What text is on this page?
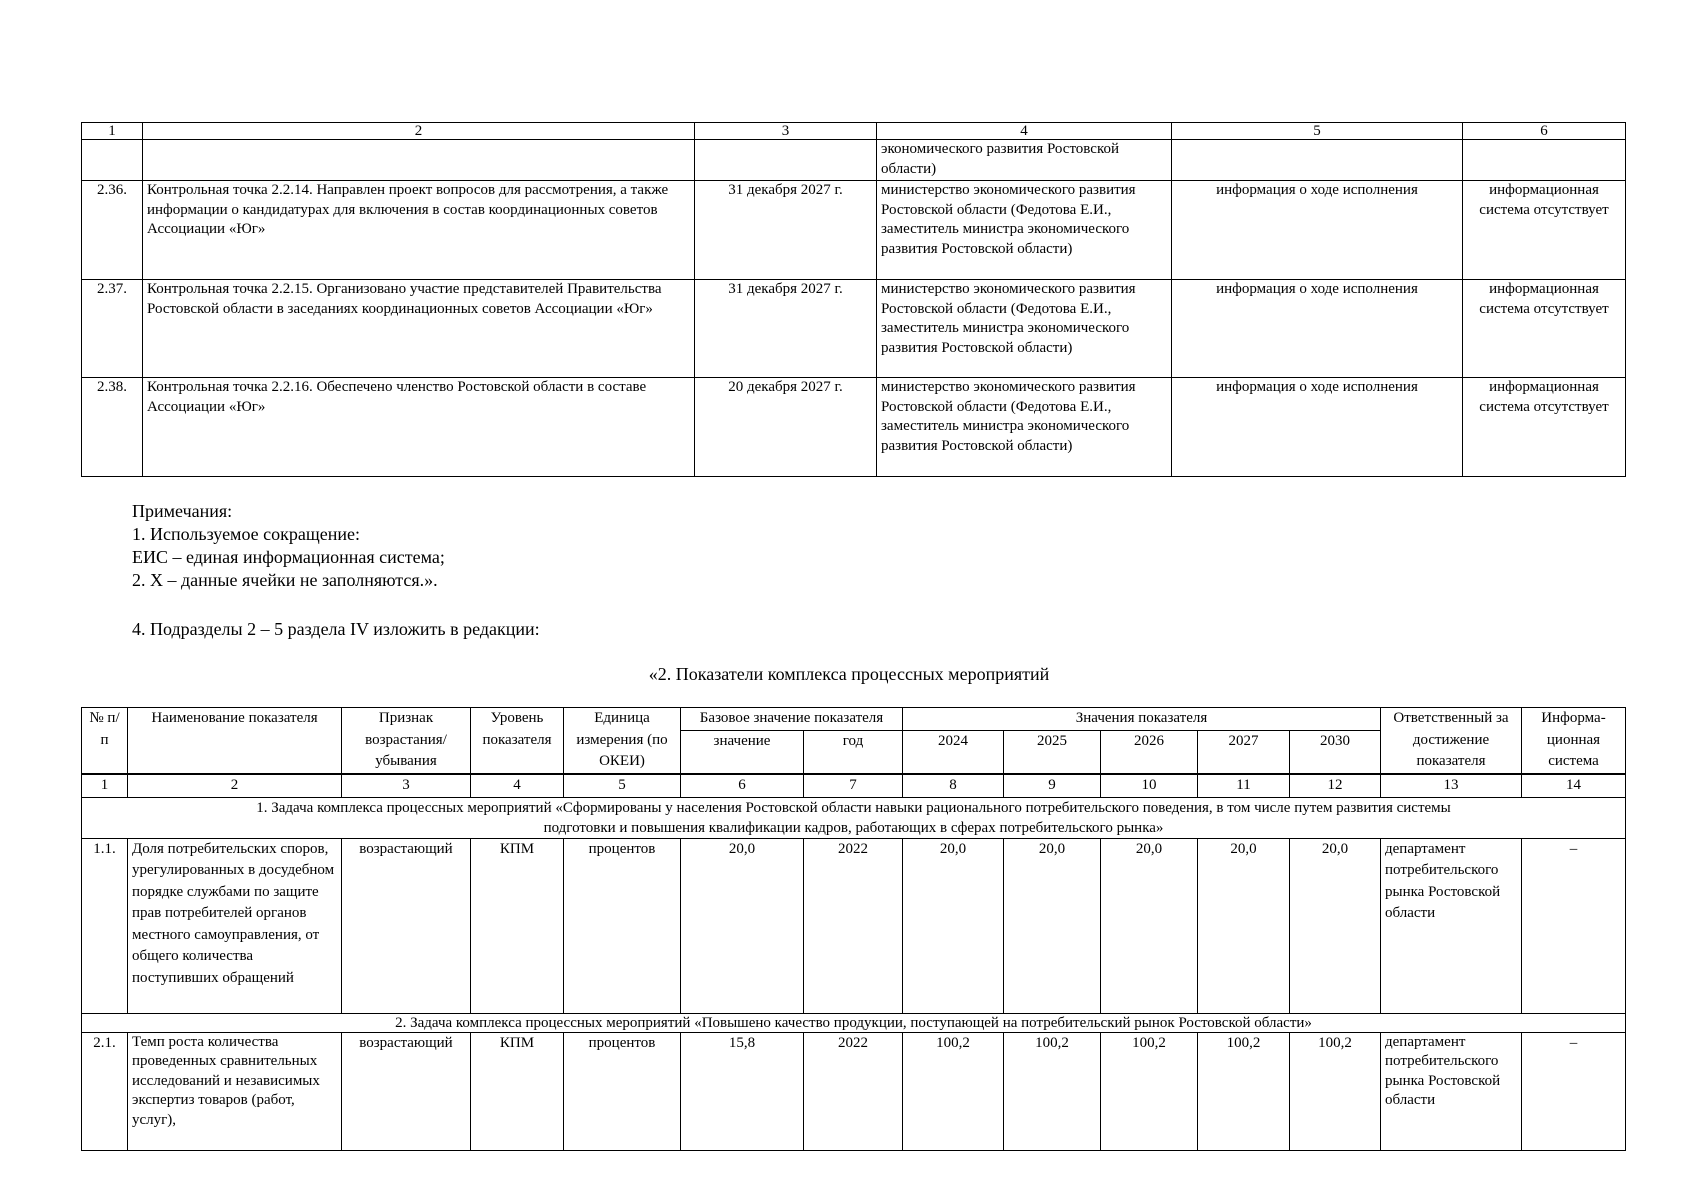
1	2	3	4	5	6
			экономического развития Ростовской области)		
2.36.	Контрольная точка 2.2.14. Направлен проект вопросов для рассмотрения, а также информации о кандидатурах для включения в состав координационных советов Ассоциации «Юг»	31 декабря 2027 г.	министерство экономического развития Ростовской области (Федотова Е.И., заместитель министра экономического развития Ростовской области)	информация о ходе исполнения	информационная система отсутствует
2.37.	Контрольная точка 2.2.15. Организовано участие представителей Правительства Ростовской области в заседаниях координационных советов Ассоциации «Юг»	31 декабря 2027 г.	министерство экономического развития Ростовской области (Федотова Е.И., заместитель министра экономического развития Ростовской области)	информация о ходе исполнения	информационная система отсутствует
2.38.	Контрольная точка 2.2.16. Обеспечено членство Ростовской области в составе Ассоциации «Юг»	20 декабря 2027 г.	министерство экономического развития Ростовской области (Федотова Е.И., заместитель министра экономического развития Ростовской области)	информация о ходе исполнения	информационная система отсутствует
Примечания:
1. Используемое сокращение:
ЕИС – единая информационная система;
2. Х – данные ячейки не заполняются.».
4. Подразделы 2 – 5 раздела IV изложить в редакции:
«2. Показатели комплекса процессных мероприятий
№ п/п	Наименование показателя	Признак возрастания/ убывания	Уровень показателя	Единица измерения (по ОКЕИ)	Базовое значение показателя		Значения показателя					Ответственный за достижение показателя	Информа-ционная система
					значение	год	2024	2025	2026	2027	2030		
1	2	3	4	5	6	7	8	9	10	11	12	13	14
1. Задача комплекса процессных мероприятий «Сформированы у населения Ростовской области навыки рационального потребительского поведения, в том числе путем развития системы подготовки и повышения квалификации кадров, работающих в сферах потребительского рынка»													
1.1.	Доля потребительских споров, урегулированных в досудебном порядке службами по защите прав потребителей органов местного самоуправления, от общего количества поступивших обращений	возрастающий	КПМ	процентов	20,0	2022	20,0	20,0	20,0	20,0	20,0	департамент потребительского рынка Ростовской области	–
2. Задача комплекса процессных мероприятий «Повышено качество продукции, поступающей на потребительский рынок Ростовской области»													
2.1.	Темп роста количества проведенных сравнительных исследований и независимых экспертиз товаров (работ, услуг),	возрастающий	КПМ	процентов	15,8	2022	100,2	100,2	100,2	100,2	100,2	департамент потребительского рынка Ростовской области	–
